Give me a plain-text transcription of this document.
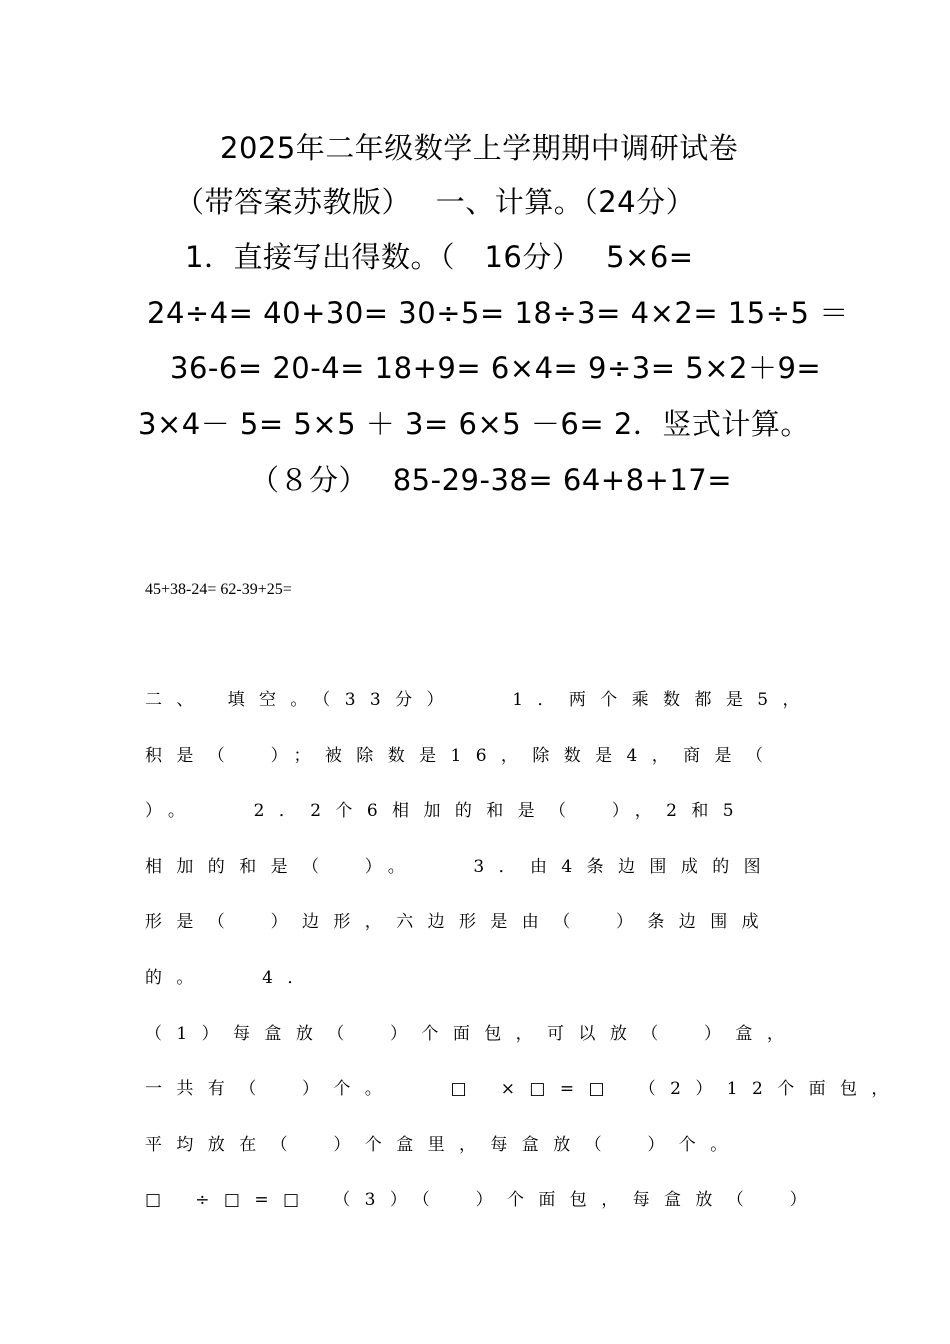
2025年二年级数学上学期期中调研试卷
（带答案苏教版）　 一、计算。（24分）
1．直接写出得数。（　16分）　 5×6=
24÷4= 40+30= 30÷5= 18÷3= 4×2= 15÷5 ＝
36-6= 20-4= 18+9= 6×4= 9÷3= 5×2＋9=
3×4－ 5= 5×5 ＋ 3= 6×5 －6= 2．竖式计算。
（８分）　 85-29-38= 64+8+17=
45+38-24= 62-39+25=
二、 填空。（33分）　　1．两个乘数都是5，
积是（　）；被除数是16，除数是4，商是（
）。　　2．2个6相加的和是（　），2和5
相加的和是（　）。　　3．由4条边围成的图
形是（　）边形，六边形是由（　）条边围成
的。　　4．
（1）每盒放（　）个面包，可以放（　）盒，
一共有（　）个。　　□ ×□=□ （2）12个面包，
平均放在（　）个盒里，每盒放（　）个。
□ ÷□=□ （3）（　）个面包，每盒放（　）
